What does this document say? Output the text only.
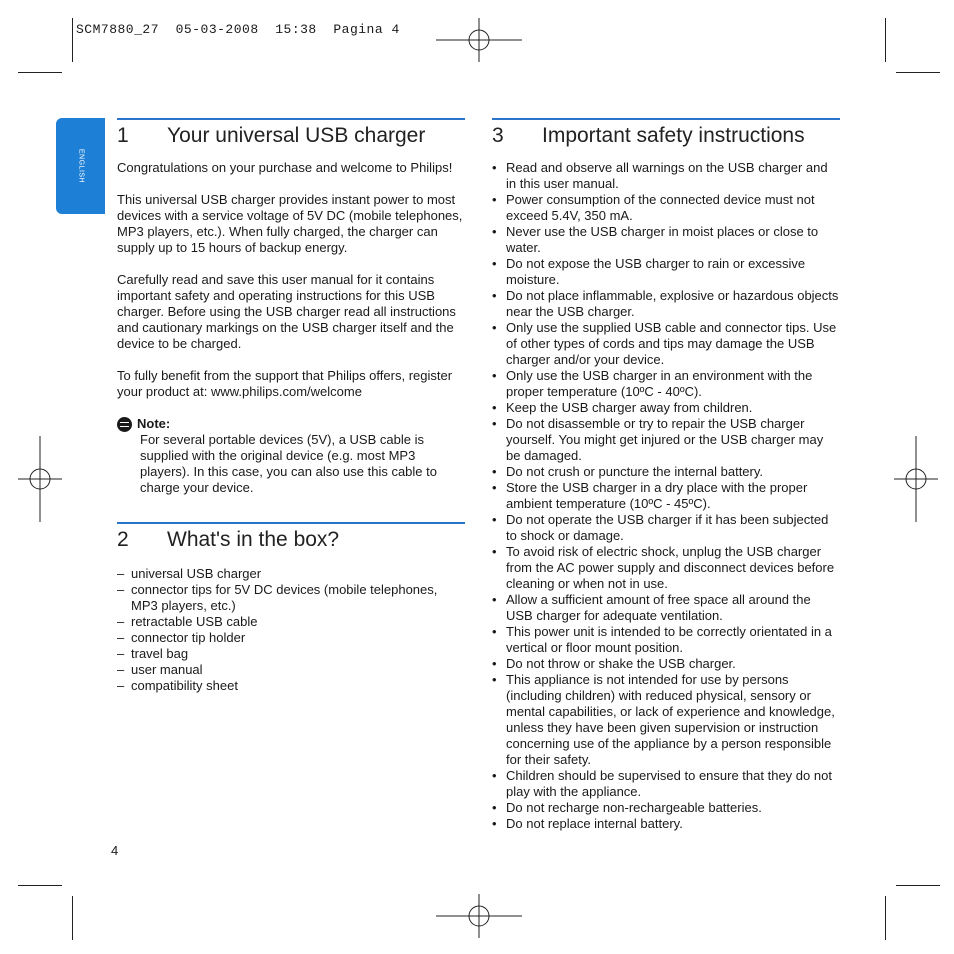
SCM7880_27  05-03-2008  15:38  Pagina 4
ENGLISH
1	Your universal USB charger

Congratulations on your purchase and welcome to Philips!

This universal USB charger provides instant power to most devices with a service voltage of 5V DC (mobile telephones, MP3 players, etc.). When fully charged, the charger can supply up to 15 hours of backup energy.

Carefully read and save this user manual for it contains important safety and operating instructions for this USB charger. Before using the USB charger read all instructions and cautionary markings on the USB charger itself and the device to be charged.

To fully benefit from the support that Philips offers, register your product at: www.philips.com/welcome

Note:
For several portable devices (5V), a USB cable is supplied with the original device (e.g. most MP3 players). In this case, you can also use this cable to charge your device.
2	What's in the box?
– universal USB charger
– connector tips for 5V DC devices (mobile telephones, MP3 players, etc.)
– retractable USB cable
– connector tip holder
– travel bag
– user manual
– compatibility sheet
3	Important safety instructions
• Read and observe all warnings on the USB charger and in this user manual.
• Power consumption of the connected device must not exceed 5.4V, 350 mA.
• Never use the USB charger in moist places or close to water.
• Do not expose the USB charger to rain or excessive moisture.
• Do not place inflammable, explosive or hazardous objects near the USB charger.
• Only use the supplied USB cable and connector tips. Use of other types of cords and tips may damage the USB charger and/or your device.
• Only use the USB charger in an environment with the proper temperature (10ºC - 40ºC).
• Keep the USB charger away from children.
• Do not disassemble or try to repair the USB charger yourself. You might get injured or the USB charger may be damaged.
• Do not crush or puncture the internal battery.
• Store the USB charger in a dry place with the proper ambient temperature (10ºC - 45ºC).
• Do not operate the USB charger if it has been subjected to shock or damage.
• To avoid risk of electric shock, unplug the USB charger from the AC power supply and disconnect devices before cleaning or when not in use.
• Allow a sufficient amount of free space all around the USB charger for adequate ventilation.
• This power unit is intended to be correctly orientated in a vertical or floor mount position.
• Do not throw or shake the USB charger.
• This appliance is not intended for use by persons (including children) with reduced physical, sensory or mental capabilities, or lack of experience and knowledge, unless they have been given supervision or instruction concerning use of the appliance by a person responsible for their safety.
• Children should be supervised to ensure that they do not play with the appliance.
• Do not recharge non-rechargeable batteries.
• Do not replace internal battery.
4
